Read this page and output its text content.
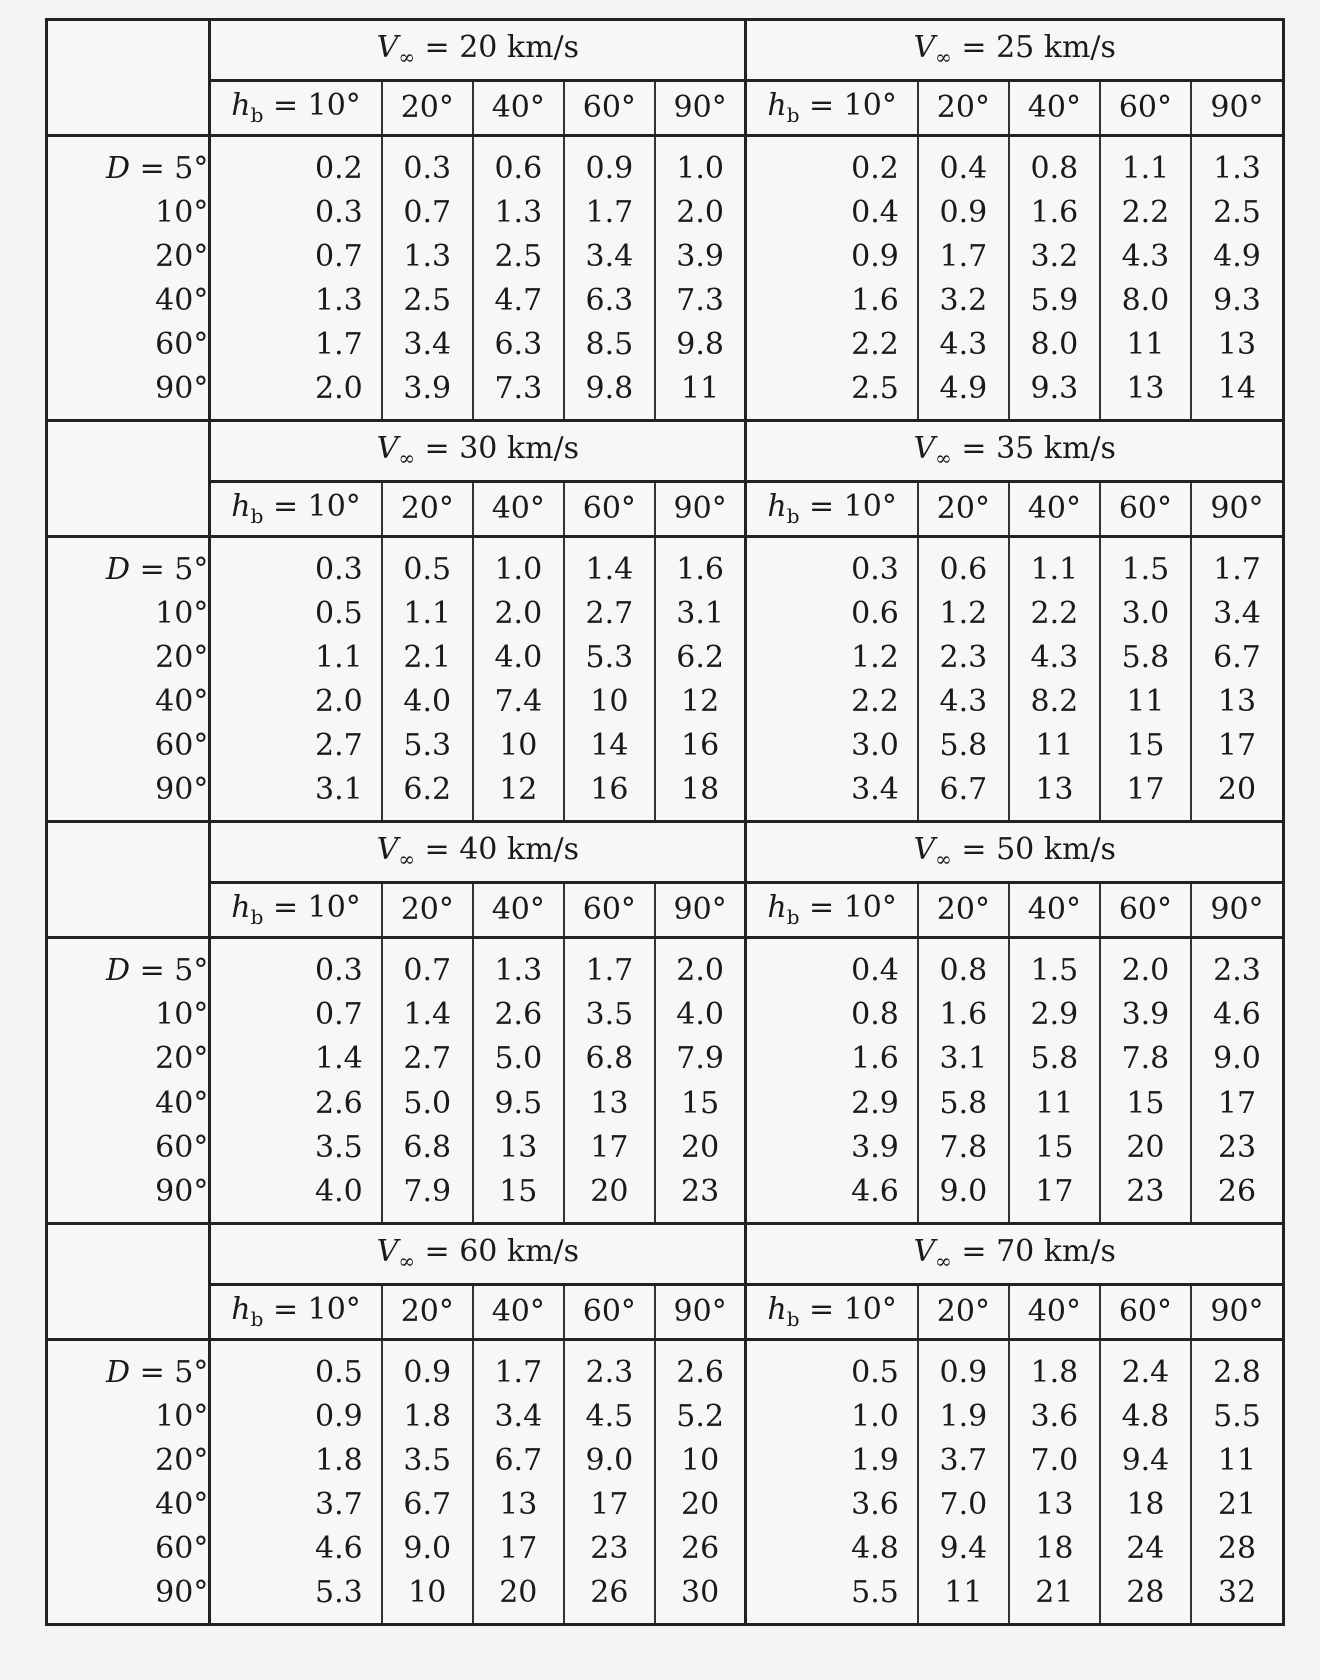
	$V_\infty = 20$ km/s					$V_\infty = 25$ km/s				
	$h_b = 10^\circ$	20°	40°	60°	90°	$h_b = 10^\circ$	20°	40°	60°	90°
D = 5°	0.2	0.3	0.6	0.9	1.0	0.2	0.4	0.8	1.1	1.3
10°	0.3	0.7	1.3	1.7	2.0	0.4	0.9	1.6	2.2	2.5
20°	0.7	1.3	2.5	3.4	3.9	0.9	1.7	3.2	4.3	4.9
40°	1.3	2.5	4.7	6.3	7.3	1.6	3.2	5.9	8.0	9.3
60°	1.7	3.4	6.3	8.5	9.8	2.2	4.3	8.0	11	13
90°	2.0	3.9	7.3	9.8	11	2.5	4.9	9.3	13	14
	$V_\infty = 30$ km/s					$V_\infty = 35$ km/s				
	$h_b = 10^\circ$	20°	40°	60°	90°	$h_b = 10^\circ$	20°	40°	60°	90°
D = 5°	0.3	0.5	1.0	1.4	1.6	0.3	0.6	1.1	1.5	1.7
10°	0.5	1.1	2.0	2.7	3.1	0.6	1.2	2.2	3.0	3.4
20°	1.1	2.1	4.0	5.3	6.2	1.2	2.3	4.3	5.8	6.7
40°	2.0	4.0	7.4	10	12	2.2	4.3	8.2	11	13
60°	2.7	5.3	10	14	16	3.0	5.8	11	15	17
90°	3.1	6.2	12	16	18	3.4	6.7	13	17	20
	$V_\infty = 40$ km/s					$V_\infty = 50$ km/s				
	$h_b = 10^\circ$	20°	40°	60°	90°	$h_b = 10^\circ$	20°	40°	60°	90°
D = 5°	0.3	0.7	1.3	1.7	2.0	0.4	0.8	1.5	2.0	2.3
10°	0.7	1.4	2.6	3.5	4.0	0.8	1.6	2.9	3.9	4.6
20°	1.4	2.7	5.0	6.8	7.9	1.6	3.1	5.8	7.8	9.0
40°	2.6	5.0	9.5	13	15	2.9	5.8	11	15	17
60°	3.5	6.8	13	17	20	3.9	7.8	15	20	23
90°	4.0	7.9	15	20	23	4.6	9.0	17	23	26
	$V_\infty = 60$ km/s					$V_\infty = 70$ km/s				
	$h_b = 10^\circ$	20°	40°	60°	90°	$h_b = 10^\circ$	20°	40°	60°	90°
D = 5°	0.5	0.9	1.7	2.3	2.6	0.5	0.9	1.8	2.4	2.8
10°	0.9	1.8	3.4	4.5	5.2	1.0	1.9	3.6	4.8	5.5
20°	1.8	3.5	6.7	9.0	10	1.9	3.7	7.0	9.4	11
40°	3.7	6.7	13	17	20	3.6	7.0	13	18	21
60°	4.6	9.0	17	23	26	4.8	9.4	18	24	28
90°	5.3	10	20	26	30	5.5	11	21	28	32
